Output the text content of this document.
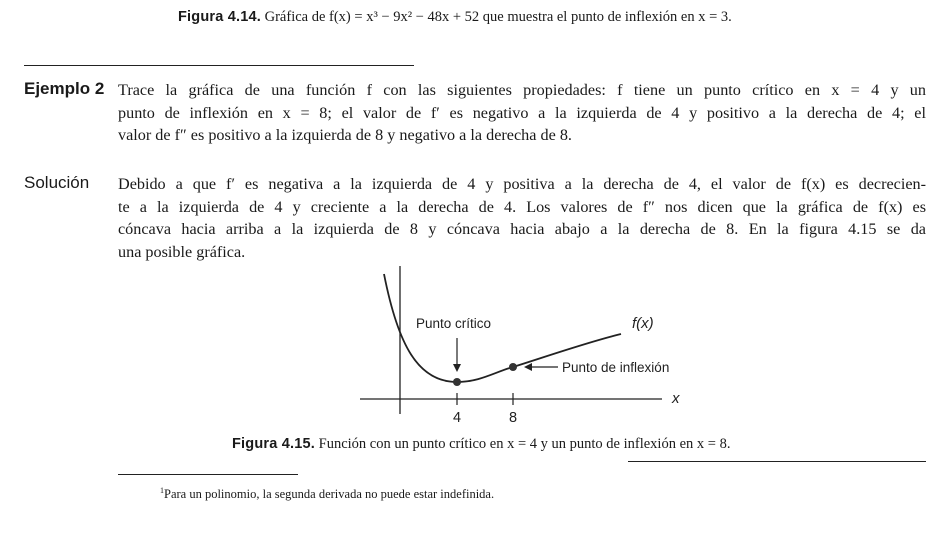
Figura 4.14. Gráfica de f(x) = x³ − 9x² − 48x + 52 que muestra el punto de inflexión en x = 3.
Ejemplo 2 Trace la gráfica de una función f con las siguientes propiedades: f tiene un punto crítico en x = 4 y un
punto de inflexión en x = 8; el valor de f′ es negativo a la izquierda de 4 y positivo a la derecha de 4; el
valor de f″ es positivo a la izquierda de 8 y negativo a la derecha de 8.
Solución Debido a que f′ es negativa a la izquierda de 4 y positiva a la derecha de 4, el valor de f(x) es decrecien-
te a la izquierda de 4 y creciente a la derecha de 4. Los valores de f″ nos dicen que la gráfica de f(x) es
cóncava hacia arriba a la izquierda de 8 y cóncava hacia abajo a la derecha de 8. En la figura 4.15 se da
una posible gráfica.
Punto crítico
Punto de inflexión
f(x)
x
4	8
Figura 4.15. Función con un punto crítico en x = 4 y un punto de inflexión en x = 8.
$^1$Para un polinomio, la segunda derivada no puede estar indefinida.
